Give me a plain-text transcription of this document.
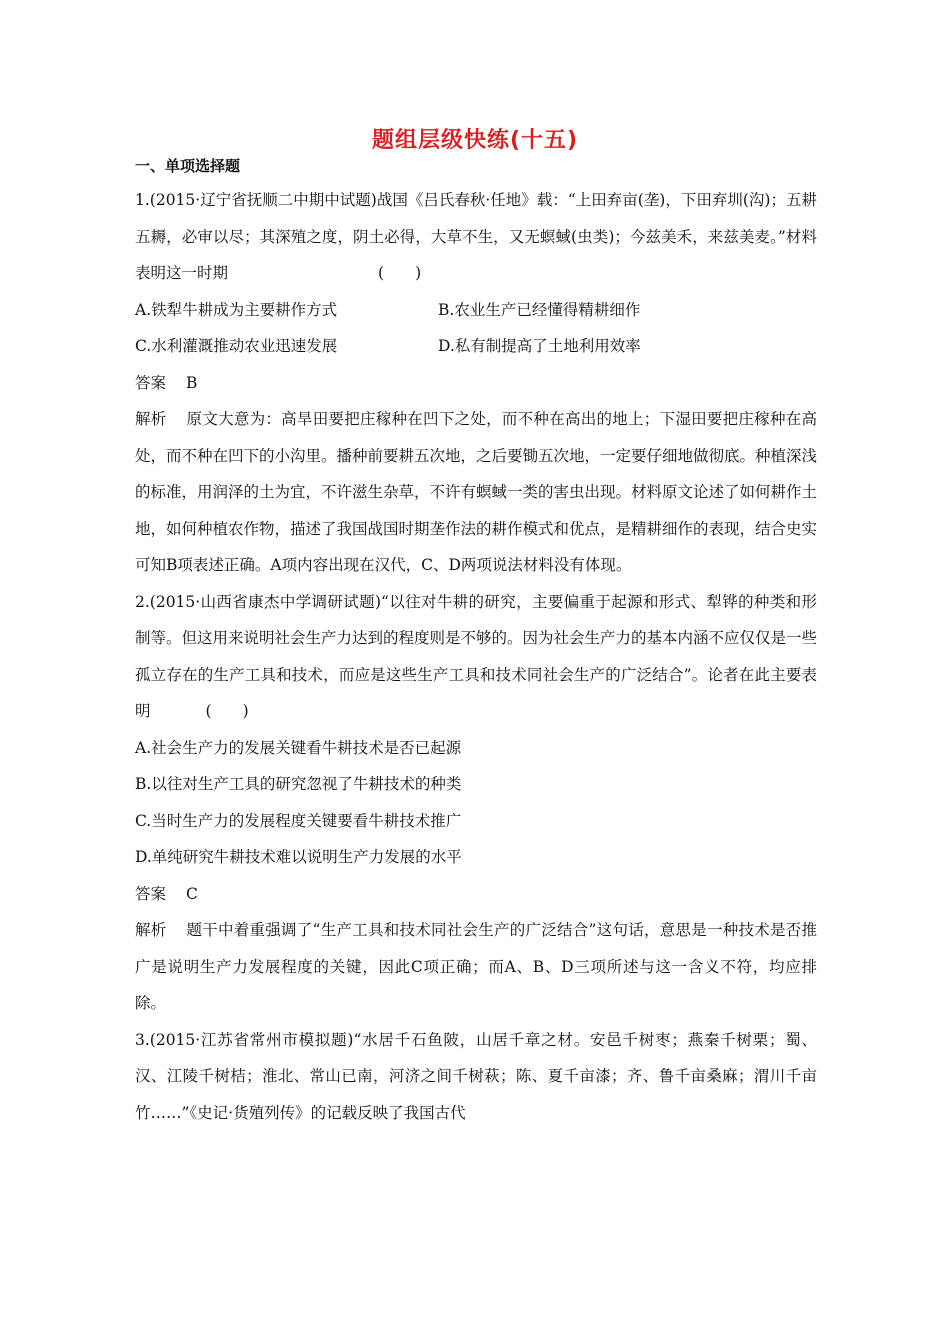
题组层级快练(十五)
一、单项选择题

1.(2015·辽宁省抚顺二中期中试题)战国《吕氏春秋·任地》载：“上田弃亩(垄)，下田弃圳(沟)；五耕五耨，必审以尽；其深殖之度，阴土必得，大草不生，又无螟蜮(虫类)；今兹美禾，来兹美麦。”材料表明这一时期	(　　)

A.铁犁牛耕成为主要耕作方式	B.农业生产已经懂得精耕细作
C.水利灌溉推动农业迅速发展	D.私有制提高了土地利用效率
答案 B

解析 原文大意为：高旱田要把庄稼种在凹下之处，而不种在高出的地上；下湿田要把庄稼种在高处，而不种在凹下的小沟里。播种前要耕五次地，之后要锄五次地，一定要仔细地做彻底。种植深浅的标准，用润泽的土为宜，不许滋生杂草，不许有螟蜮一类的害虫出现。材料原文论述了如何耕作土地，如何种植农作物，描述了我国战国时期垄作法的耕作模式和优点，是精耕细作的表现，结合史实可知B项表述正确。A项内容出现在汉代，C、D两项说法材料没有体现。

2.(2015·山西省康杰中学调研试题)“以往对牛耕的研究，主要偏重于起源和形式、犁铧的种类和形制等。但这用来说明社会生产力达到的程度则是不够的。因为社会生产力的基本内涵不应仅仅是一些孤立存在的生产工具和技术，而应是这些生产工具和技术同社会生产的广泛结合”。论者在此主要表明	(　　)

A.社会生产力的发展关键看牛耕技术是否已起源
B.以往对生产工具的研究忽视了牛耕技术的种类
C.当时生产力的发展程度关键要看牛耕技术推广
D.单纯研究牛耕技术难以说明生产力发展的水平
答案 C

解析 题干中着重强调了“生产工具和技术同社会生产的广泛结合”这句话，意思是一种技术是否推广是说明生产力发展程度的关键，因此C项正确；而A、B、D三项所述与这一含义不符，均应排除。

3.(2015·江苏省常州市模拟题)“水居千石鱼陂，山居千章之材。安邑千树枣；燕秦千树栗；蜀、汉、江陵千树桔；淮北、常山已南，河济之间千树萩；陈、夏千亩漆；齐、鲁千亩桑麻；渭川千亩竹……”《史记·货殖列传》的记载反映了我国古代
